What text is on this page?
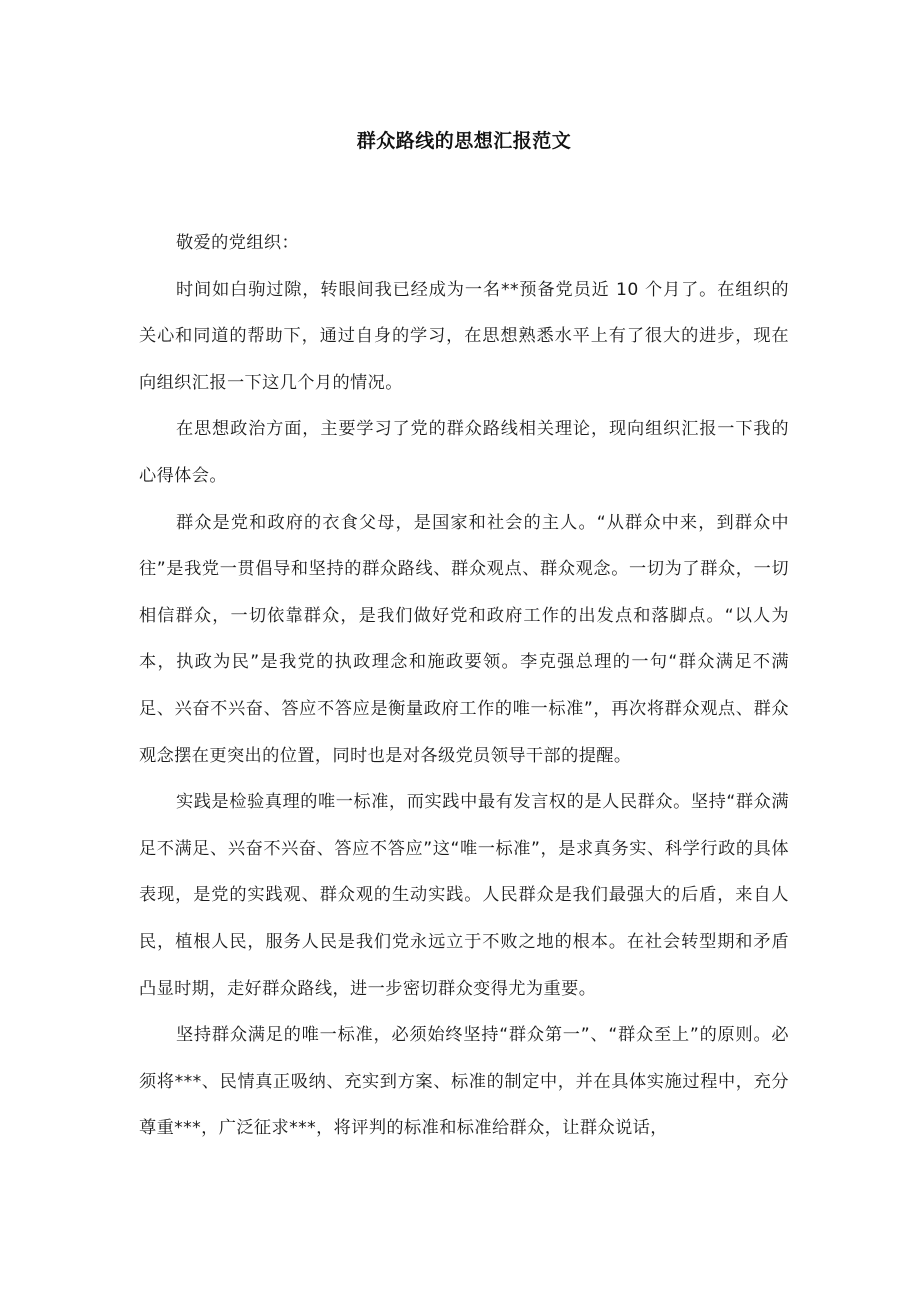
群众路线的思想汇报范文

敬爱的党组织：

时间如白驹过隙，转眼间我已经成为一名**预备党员近 10 个月了。在组织的关心和同道的帮助下，通过自身的学习，在思想熟悉水平上有了很大的进步，现在向组织汇报一下这几个月的情况。

在思想政治方面，主要学习了党的群众路线相关理论，现向组织汇报一下我的心得体会。

群众是党和政府的衣食父母，是国家和社会的主人。“从群众中来，到群众中往”是我党一贯倡导和坚持的群众路线、群众观点、群众观念。一切为了群众，一切相信群众，一切依靠群众，是我们做好党和政府工作的出发点和落脚点。“以人为本，执政为民”是我党的执政理念和施政要领。李克强总理的一句“群众满足不满足、兴奋不兴奋、答应不答应是衡量政府工作的唯一标准”，再次将群众观点、群众观念摆在更突出的位置，同时也是对各级党员领导干部的提醒。

实践是检验真理的唯一标准，而实践中最有发言权的是人民群众。坚持“群众满足不满足、兴奋不兴奋、答应不答应”这“唯一标准”，是求真务实、科学行政的具体表现，是党的实践观、群众观的生动实践。人民群众是我们最强大的后盾，来自人民，植根人民，服务人民是我们党永远立于不败之地的根本。在社会转型期和矛盾凸显时期，走好群众路线，进一步密切群众变得尤为重要。

坚持群众满足的唯一标准，必须始终坚持“群众第一”、“群众至上”的原则。必须将***、民情真正吸纳、充实到方案、标准的制定中，并在具体实施过程中，充分尊重***，广泛征求***，将评判的标准和标准给群众，让群众说话，
